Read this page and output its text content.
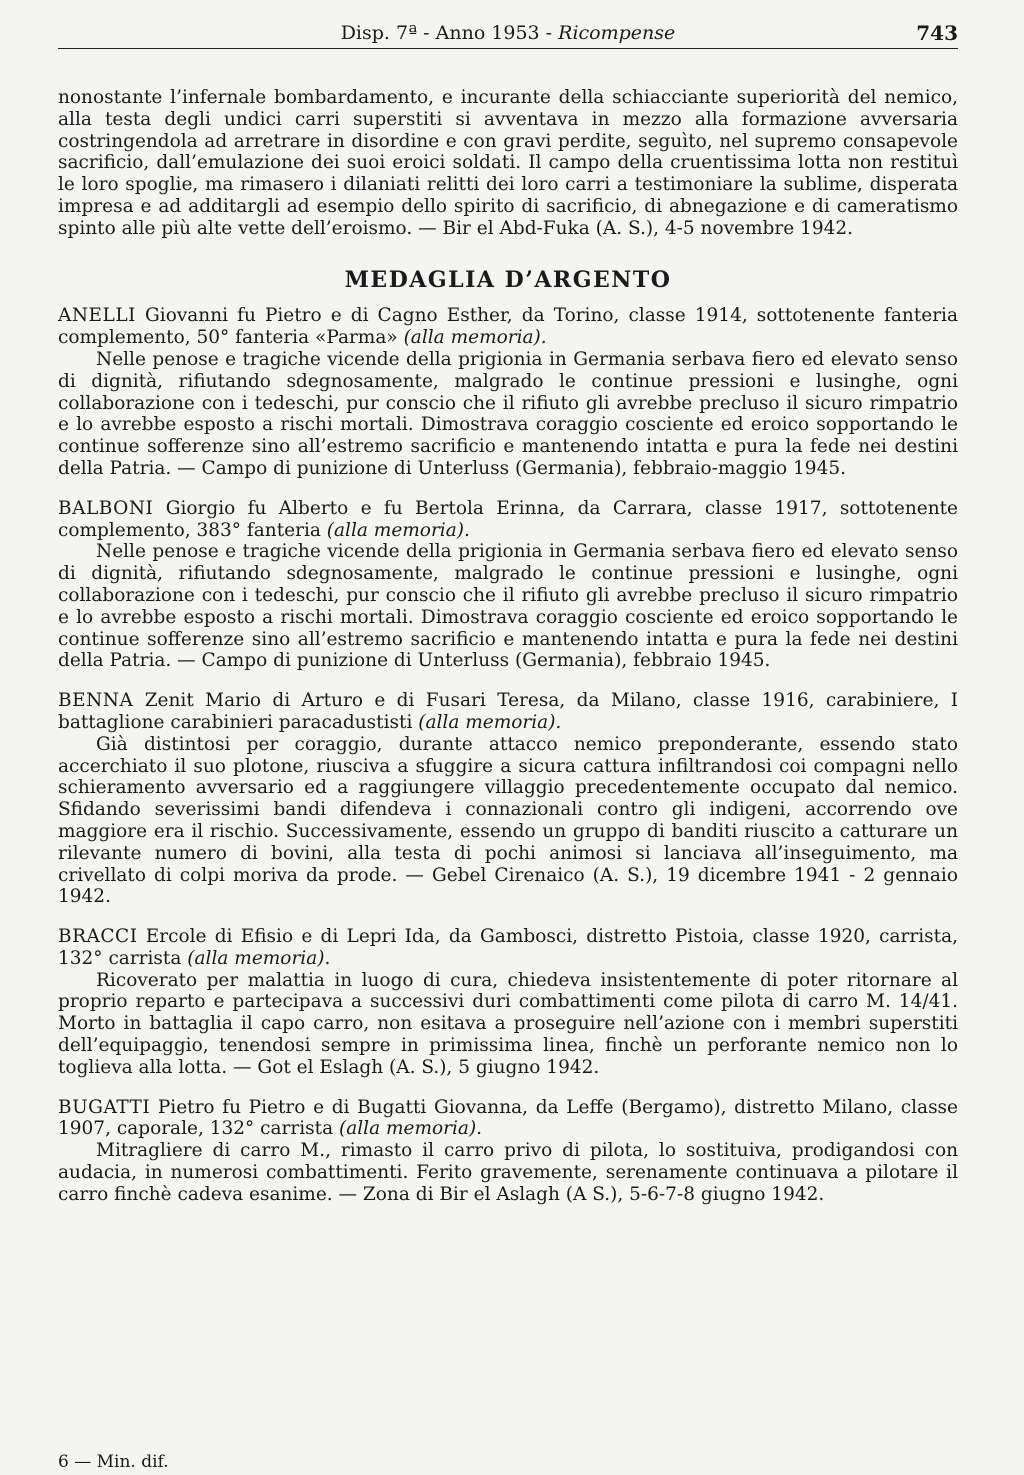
Disp. 7ª - Anno 1953 - Ricompense	743

nonostante l’infernale bombardamento, e incurante della schiacciante superiorità del nemico, alla testa degli undici carri superstiti si avventava in mezzo alla formazione avversaria costringendola ad arretrare in disordine e con gravi perdite, seguìto, nel supremo consapevole sacrificio, dall’emulazione dei suoi eroici soldati. Il campo della cruentissima lotta non restituì le loro spoglie, ma rimasero i dilaniati relitti dei loro carri a testimoniare la sublime, disperata impresa e ad additargli ad esempio dello spirito di sacrificio, di abnegazione e di cameratismo spinto alle più alte vette dell’eroismo. — Bir el Abd-Fuka (A. S.), 4-5 novembre 1942.

MEDAGLIA D’ARGENTO

ANELLI Giovanni fu Pietro e di Cagno Esther, da Torino, classe 1914, sottotenente fanteria complemento, 50° fanteria «Parma» (alla memoria).

Nelle penose e tragiche vicende della prigionia in Germania serbava fiero ed elevato senso di dignità, rifiutando sdegnosamente, malgrado le continue pressioni e lusinghe, ogni collaborazione con i tedeschi, pur conscio che il rifiuto gli avrebbe precluso il sicuro rimpatrio e lo avrebbe esposto a rischi mortali. Dimostrava coraggio cosciente ed eroico sopportando le continue sofferenze sino all’estremo sacrificio e mantenendo intatta e pura la fede nei destini della Patria. — Campo di punizione di Unterluss (Germania), febbraio-maggio 1945.

BALBONI Giorgio fu Alberto e fu Bertola Erinna, da Carrara, classe 1917, sottotenente complemento, 383° fanteria (alla memoria).

Nelle penose e tragiche vicende della prigionia in Germania serbava fiero ed elevato senso di dignità, rifiutando sdegnosamente, malgrado le continue pressioni e lusinghe, ogni collaborazione con i tedeschi, pur conscio che il rifiuto gli avrebbe precluso il sicuro rimpatrio e lo avrebbe esposto a rischi mortali. Dimostrava coraggio cosciente ed eroico sopportando le continue sofferenze sino all’estremo sacrificio e mantenendo intatta e pura la fede nei destini della Patria. — Campo di punizione di Unterluss (Germania), febbraio 1945.

BENNA Zenit Mario di Arturo e di Fusari Teresa, da Milano, classe 1916, carabiniere, I battaglione carabinieri paracadustisti (alla memoria).

Già distintosi per coraggio, durante attacco nemico preponderante, essendo stato accerchiato il suo plotone, riusciva a sfuggire a sicura cattura infiltrandosi coi compagni nello schieramento avversario ed a raggiungere villaggio precedentemente occupato dal nemico. Sfidando severissimi bandi difendeva i connazionali contro gli indigeni, accorrendo ove maggiore era il rischio. Successivamente, essendo un gruppo di banditi riuscito a catturare un rilevante numero di bovini, alla testa di pochi animosi si lanciava all’inseguimento, ma crivellato di colpi moriva da prode. — Gebel Cirenaico (A. S.), 19 dicembre 1941 - 2 gennaio 1942.

BRACCI Ercole di Efisio e di Lepri Ida, da Gambosci, distretto Pistoia, classe 1920, carrista, 132° carrista (alla memoria).

Ricoverato per malattia in luogo di cura, chiedeva insistentemente di poter ritornare al proprio reparto e partecipava a successivi duri combattimenti come pilota di carro M. 14/41. Morto in battaglia il capo carro, non esitava a proseguire nell’azione con i membri superstiti dell’equipaggio, tenendosi sempre in primissima linea, finchè un perforante nemico non lo toglieva alla lotta. — Got el Eslagh (A. S.), 5 giugno 1942.

BUGATTI Pietro fu Pietro e di Bugatti Giovanna, da Leffe (Bergamo), distretto Milano, classe 1907, caporale, 132° carrista (alla memoria).

Mitragliere di carro M., rimasto il carro privo di pilota, lo sostituiva, prodigandosi con audacia, in numerosi combattimenti. Ferito gravemente, serenamente continuava a pilotare il carro finchè cadeva esanime. — Zona di Bir el Aslagh (A S.), 5-6-7-8 giugno 1942.

6 — Min. dif.
